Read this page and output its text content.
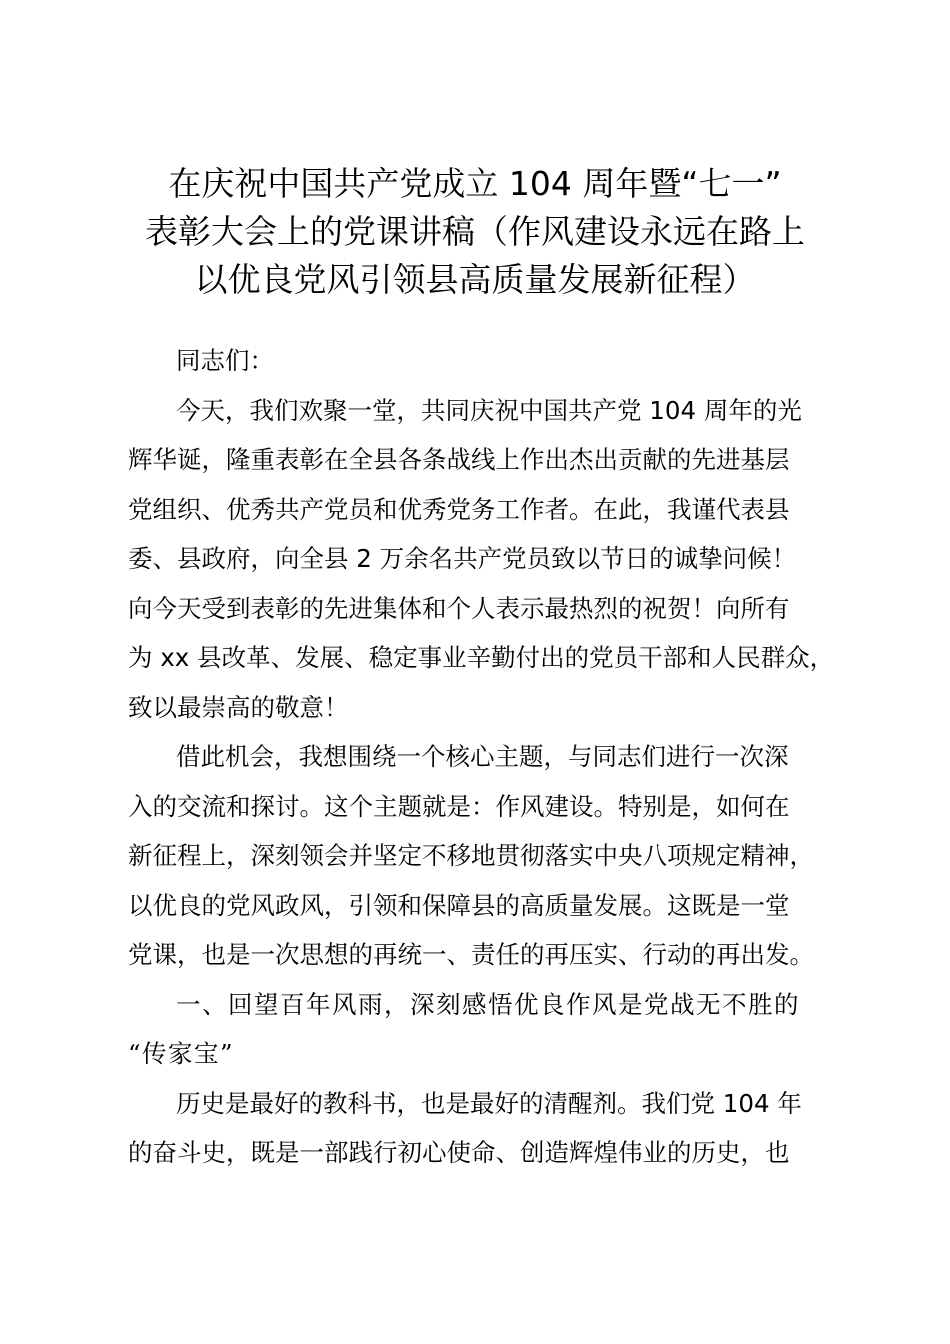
在庆祝中国共产党成立 104 周年暨“七一”
表彰大会上的党课讲稿（作风建设永远在路上
以优良党风引领县高质量发展新征程）

同志们：

今天，我们欢聚一堂，共同庆祝中国共产党 104 周年的光
辉华诞，隆重表彰在全县各条战线上作出杰出贡献的先进基层
党组织、优秀共产党员和优秀党务工作者。在此，我谨代表县
委、县政府，向全县 2 万余名共产党员致以节日的诚挚问候！
向今天受到表彰的先进集体和个人表示最热烈的祝贺！向所有
为 xx 县改革、发展、稳定事业辛勤付出的党员干部和人民群众，
致以最崇高的敬意！

借此机会，我想围绕一个核心主题，与同志们进行一次深
入的交流和探讨。这个主题就是：作风建设。特别是，如何在
新征程上，深刻领会并坚定不移地贯彻落实中央八项规定精神，
以优良的党风政风，引领和保障县的高质量发展。这既是一堂
党课，也是一次思想的再统一、责任的再压实、行动的再出发。

一、回望百年风雨，深刻感悟优良作风是党战无不胜的
“传家宝”

历史是最好的教科书，也是最好的清醒剂。我们党 104 年
的奋斗史，既是一部践行初心使命、创造辉煌伟业的历史，也
